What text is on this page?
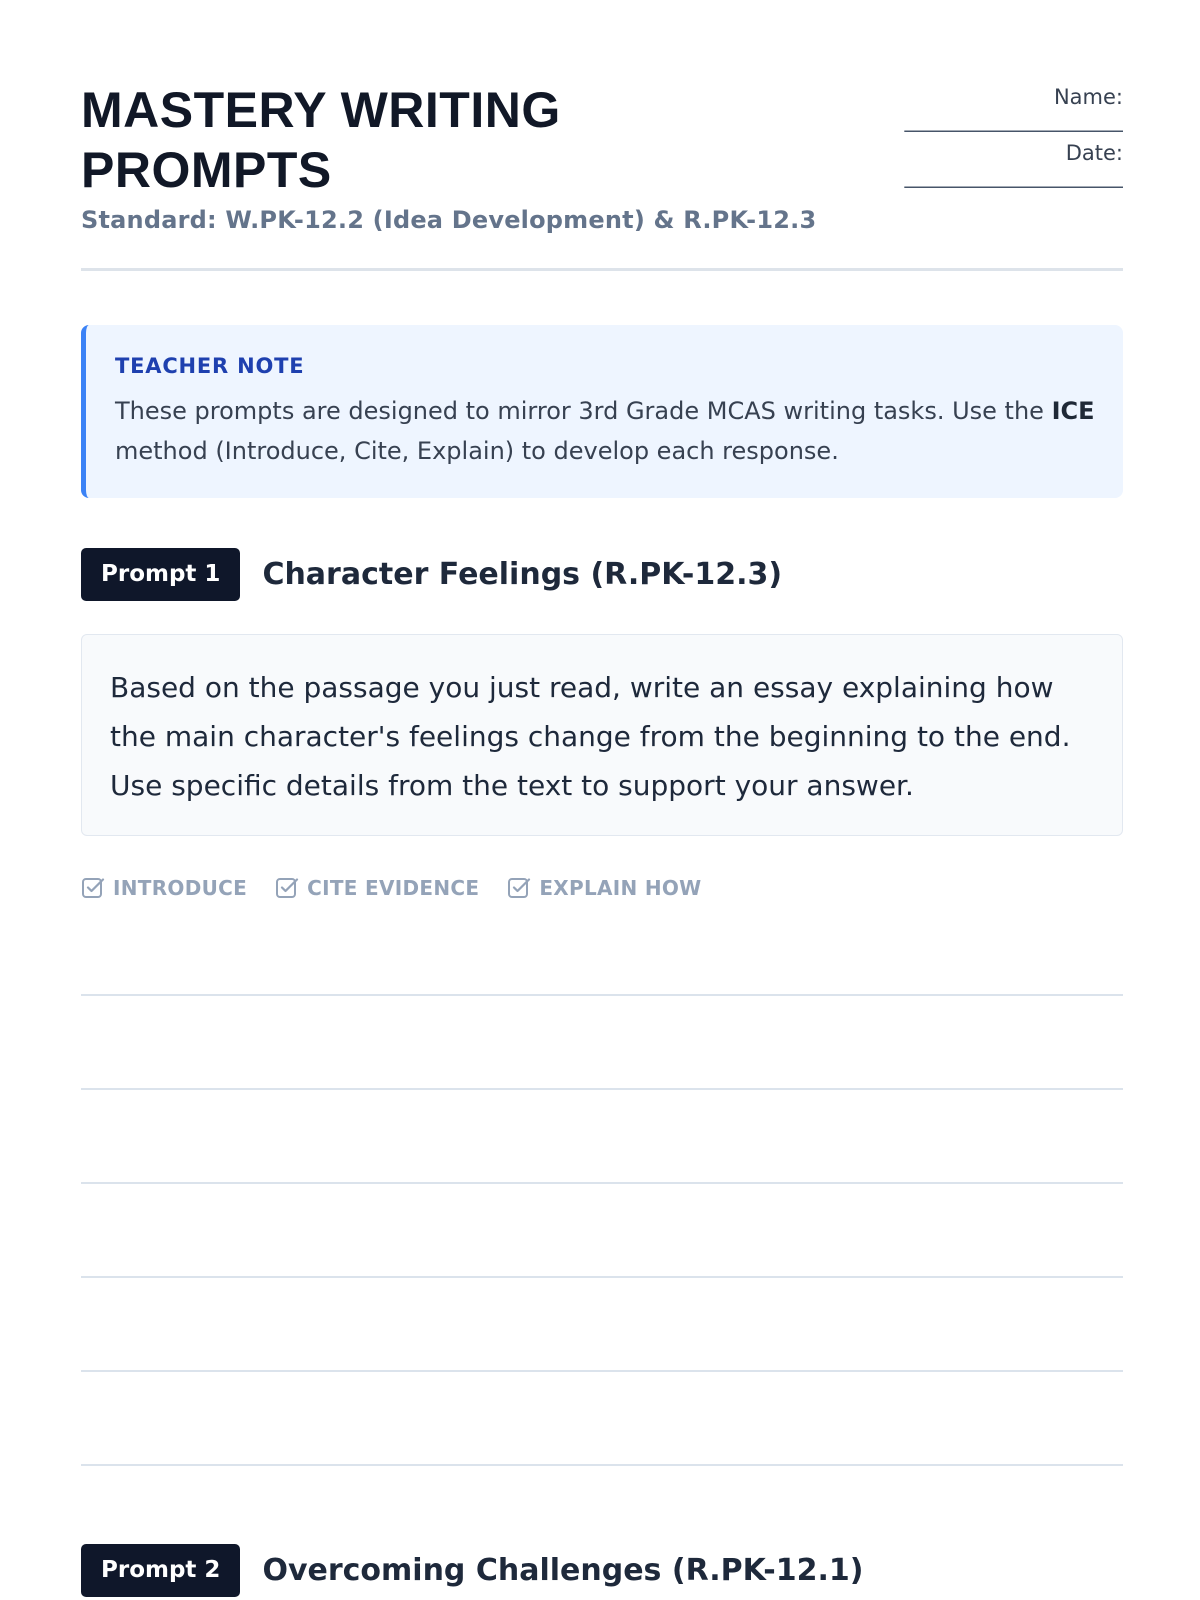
MASTERY WRITING PROMPTS
Standard: W.PK-12.2 (Idea Development) & R.PK-12.3
Name:
_______________________
Date:
_______________________
TEACHER NOTE
These prompts are designed to mirror 3rd Grade MCAS writing tasks. Use the ICE method (Introduce, Cite, Explain) to develop each response.
Prompt 1	Character Feelings (R.PK-12.3)
Based on the passage you just read, write an essay explaining how the main character's feelings change from the beginning to the end. Use specific details from the text to support your answer.
INTRODUCE	CITE EVIDENCE	EXPLAIN HOW
Prompt 2	Overcoming Challenges (R.PK-12.1)
